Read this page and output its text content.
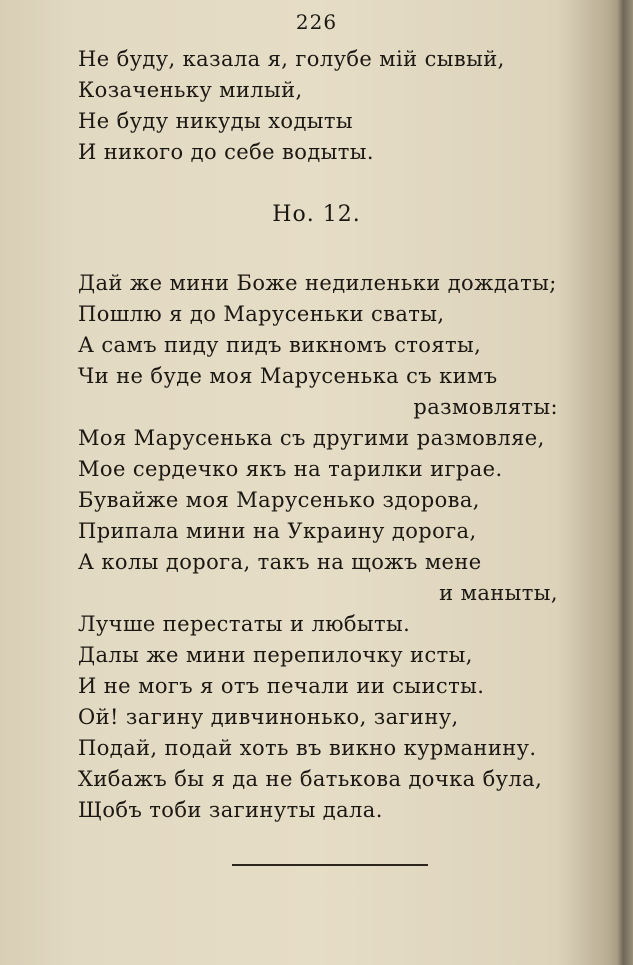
226
Не буду, казала я, голубе мій сывый,
Козаченьку милый,
Не буду никуды ходыты
И никого до себе водыты.
Но. 12.
Дай же мини Боже недиленьки дождаты;
Пошлю я до Марусеньки сваты,
А самъ пиду пидъ викномъ стояты,
Чи не буде моя Марусенька съ кимъ
размовляты:
Моя Марусенька съ другими размовляе,
Мое сердечко якъ на тарилки играе.
Бувайже моя Марусенько здорова,
Припала мини на Украину дорога,
А колы дорога, такъ на щожъ мене
и маныты,
Лучше перестаты и любыты.
Далы же мини перепилочку исты,
И не могъ я отъ печали ии сыисты.
Ой! загину дивчинонько, загину,
Подай, подай хоть въ викно курманину.
Хибажъ бы я да не батькова дочка була,
Щобъ тоби загинуты дала.
